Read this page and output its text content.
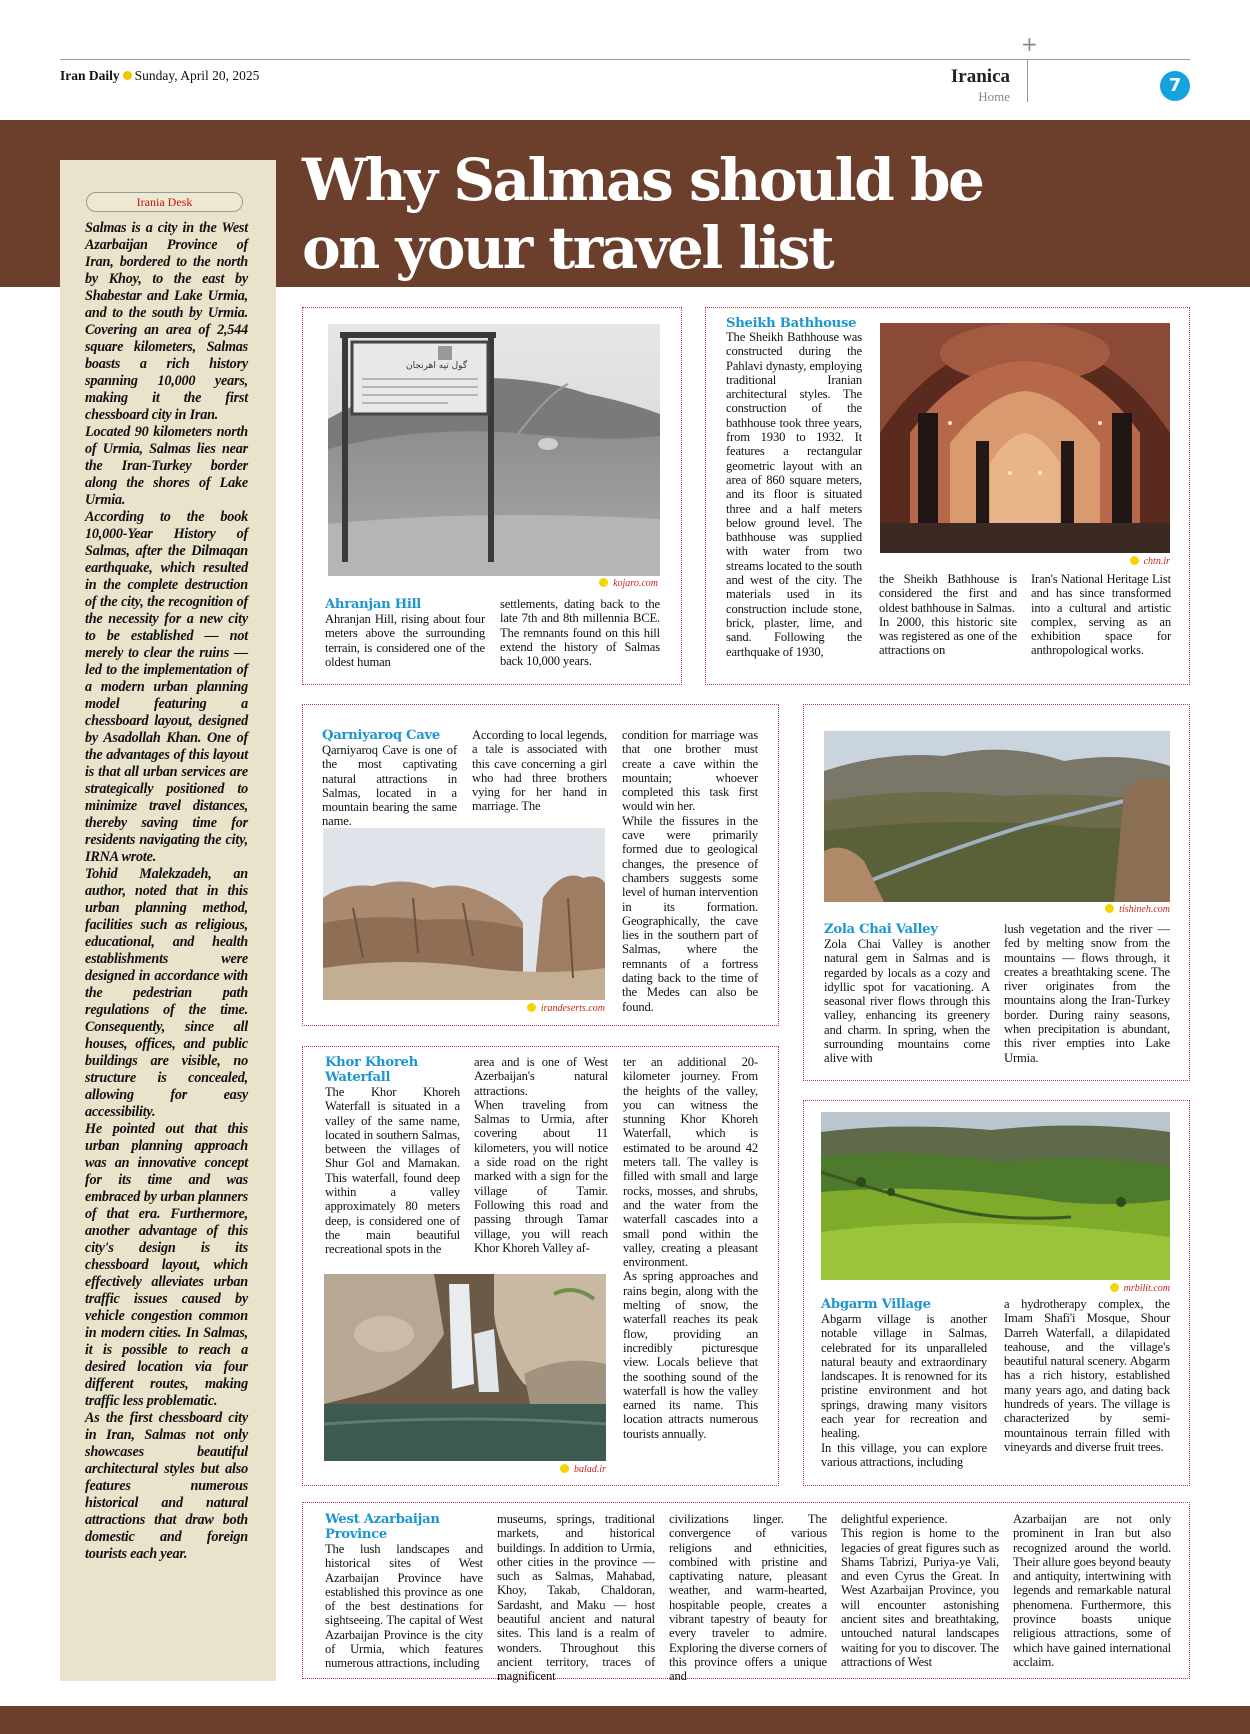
Iran Daily Sunday, April 20, 2025
+
Iranica
Home
7
Why Salmas should be
on your travel list
Irania Desk

Salmas is a city in the West Azarbaijan Province of Iran, bordered to the north by Khoy, to the east by Shabestar and Lake Urmia, and to the south by Urmia. Covering an area of 2,544 square kilometers, Salmas boasts a rich history spanning 10,000 years, making it the first chessboard city in Iran.

Located 90 kilometers north of Urmia, Salmas lies near the Iran-Turkey border along the shores of Lake Urmia.

According to the book 10,000-Year History of Salmas, after the Dilmaqan earthquake, which resulted in the complete destruction of the city, the recognition of the necessity for a new city to be established — not merely to clear the ruins — led to the implementation of a modern urban planning model featuring a chessboard layout, designed by Asadollah Khan. One of the advantages of this layout is that all urban services are strategically positioned to minimize travel distances, thereby saving time for residents navigating the city, IRNA wrote.

Tohid Malekzadeh, an author, noted that in this urban planning method, facilities such as religious, educational, and health establishments were designed in accordance with the pedestrian path regulations of the time. Consequently, since all houses, offices, and public buildings are visible, no structure is concealed, allowing for easy accessibility.

He pointed out that this urban planning approach was an innovative concept for its time and was embraced by urban planners of that era. Furthermore, another advantage of this city's design is its chessboard layout, which effectively alleviates urban traffic issues caused by vehicle congestion common in modern cities. In Salmas, it is possible to reach a desired location via four different routes, making traffic less problematic.

As the first chessboard city in Iran, Salmas not only showcases beautiful architectural styles but also features numerous historical and natural attractions that draw both domestic and foreign tourists each year.

گول تپه اهرنجان
kojaro.com
Ahranjan Hill
Ahranjan Hill, rising about four meters above the surrounding terrain, is considered one of the oldest human
settlements, dating back to the late 7th and 8th millennia BCE. The remnants found on this hill extend the history of Salmas back 10,000 years.
Sheikh Bathhouse
The Sheikh Bathhouse was constructed during the Pahlavi dynasty, employing traditional Iranian architectural styles. The construction of the bathhouse took three years, from 1930 to 1932. It features a rectangular geometric layout with an area of 860 square meters, and its floor is situated three and a half meters below ground level. The bathhouse was supplied with water from two streams located to the south and west of the city. The materials used in its construction include stone, brick, plaster, lime, and sand. Following the earthquake of 1930,
chtn.ir

the Sheikh Bathhouse is considered the first and oldest bathhouse in Salmas.

In 2000, this historic site was registered as one of the attractions on

Iran's National Heritage List and has since transformed into a cultural and artistic complex, serving as an exhibition space for anthropological works.
Qarniyaroq Cave
Qarniyaroq Cave is one of the most captivating natural attractions in Salmas, located in a mountain bearing the same name.
According to local legends, a tale is associated with this cave concerning a girl who had three brothers vying for her hand in marriage. The

condition for marriage was that one brother must create a cave within the mountain; whoever completed this task first would win her.

While the fissures in the cave were primarily formed due to geological changes, the presence of chambers suggests some level of human intervention in its formation. Geographically, the cave lies in the southern part of Salmas, where the remnants of a fortress dating back to the time of the Medes can also be found.

irandeserts.com
tishineh.com
Zola Chai Valley
Zola Chai Valley is another natural gem in Salmas and is regarded by locals as a cozy and idyllic spot for vacationing. A seasonal river flows through this valley, enhancing its greenery and charm. In spring, when the surrounding mountains come alive with
lush vegetation and the river — fed by melting snow from the mountains — flows through, it creates a breathtaking scene. The river originates from the mountains along the Iran-Turkey border. During rainy seasons, when precipitation is abundant, this river empties into Lake Urmia.
Khor Khoreh Waterfall
The Khor Khoreh Waterfall is situated in a valley of the same name, located in southern Salmas, between the villages of Shur Gol and Mamakan. This waterfall, found deep within a valley approximately 80 meters deep, is considered one of the main beautiful recreational spots in the

area and is one of West Azerbaijan's natural attractions.

When traveling from Salmas to Urmia, after covering about 11 kilometers, you will notice a side road on the right marked with a sign for the village of Tamir. Following this road and passing through Tamar village, you will reach Khor Khoreh Valley af-

ter an additional 20-kilometer journey. From the heights of the valley, you can witness the stunning Khor Khoreh Waterfall, which is estimated to be around 42 meters tall. The valley is filled with small and large rocks, mosses, and shrubs, and the water from the waterfall cascades into a small pond within the valley, creating a pleasant environment.

As spring approaches and rains begin, along with the melting of snow, the waterfall reaches its peak flow, providing an incredibly picturesque view. Locals believe that the soothing sound of the waterfall is how the valley earned its name. This location attracts numerous tourists annually.

balad.ir
mrbilit.com
Abgarm Village

Abgarm village is another notable village in Salmas, celebrated for its unparalleled natural beauty and extraordinary landscapes. It is renowned for its pristine environment and hot springs, drawing many visitors each year for recreation and healing.

In this village, you can explore various attractions, including

a hydrotherapy complex, the Imam Shafi'i Mosque, Shour Darreh Waterfall, a dilapidated teahouse, and the village's beautiful natural scenery. Abgarm has a rich history, established many years ago, and dating back hundreds of years. The village is characterized by semi-mountainous terrain filled with vineyards and diverse fruit trees.
West Azarbaijan Province
The lush landscapes and historical sites of West Azarbaijan Province have established this province as one of the best destinations for sightseeing. The capital of West Azarbaijan Province is the city of Urmia, which features numerous attractions, including
museums, springs, traditional markets, and historical buildings. In addition to Urmia, other cities in the province — such as Salmas, Mahabad, Khoy, Takab, Chaldoran, Sardasht, and Maku — host beautiful ancient and natural sites. This land is a realm of wonders. Throughout this ancient territory, traces of magnificent
civilizations linger. The convergence of various religions and ethnicities, combined with pristine and captivating nature, pleasant weather, and warm-hearted, hospitable people, creates a vibrant tapestry of beauty for every traveler to admire. Exploring the diverse corners of this province offers a unique and

delightful experience.

This region is home to the legacies of great figures such as Shams Tabrizi, Puriya-ye Vali, and even Cyrus the Great. In West Azarbaijan Province, you will encounter astonishing ancient sites and breathtaking, untouched natural landscapes waiting for you to discover. The attractions of West

Azarbaijan are not only prominent in Iran but also recognized around the world. Their allure goes beyond beauty and antiquity, intertwining with legends and remarkable natural phenomena. Furthermore, this province boasts unique religious attractions, some of which have gained international acclaim.
